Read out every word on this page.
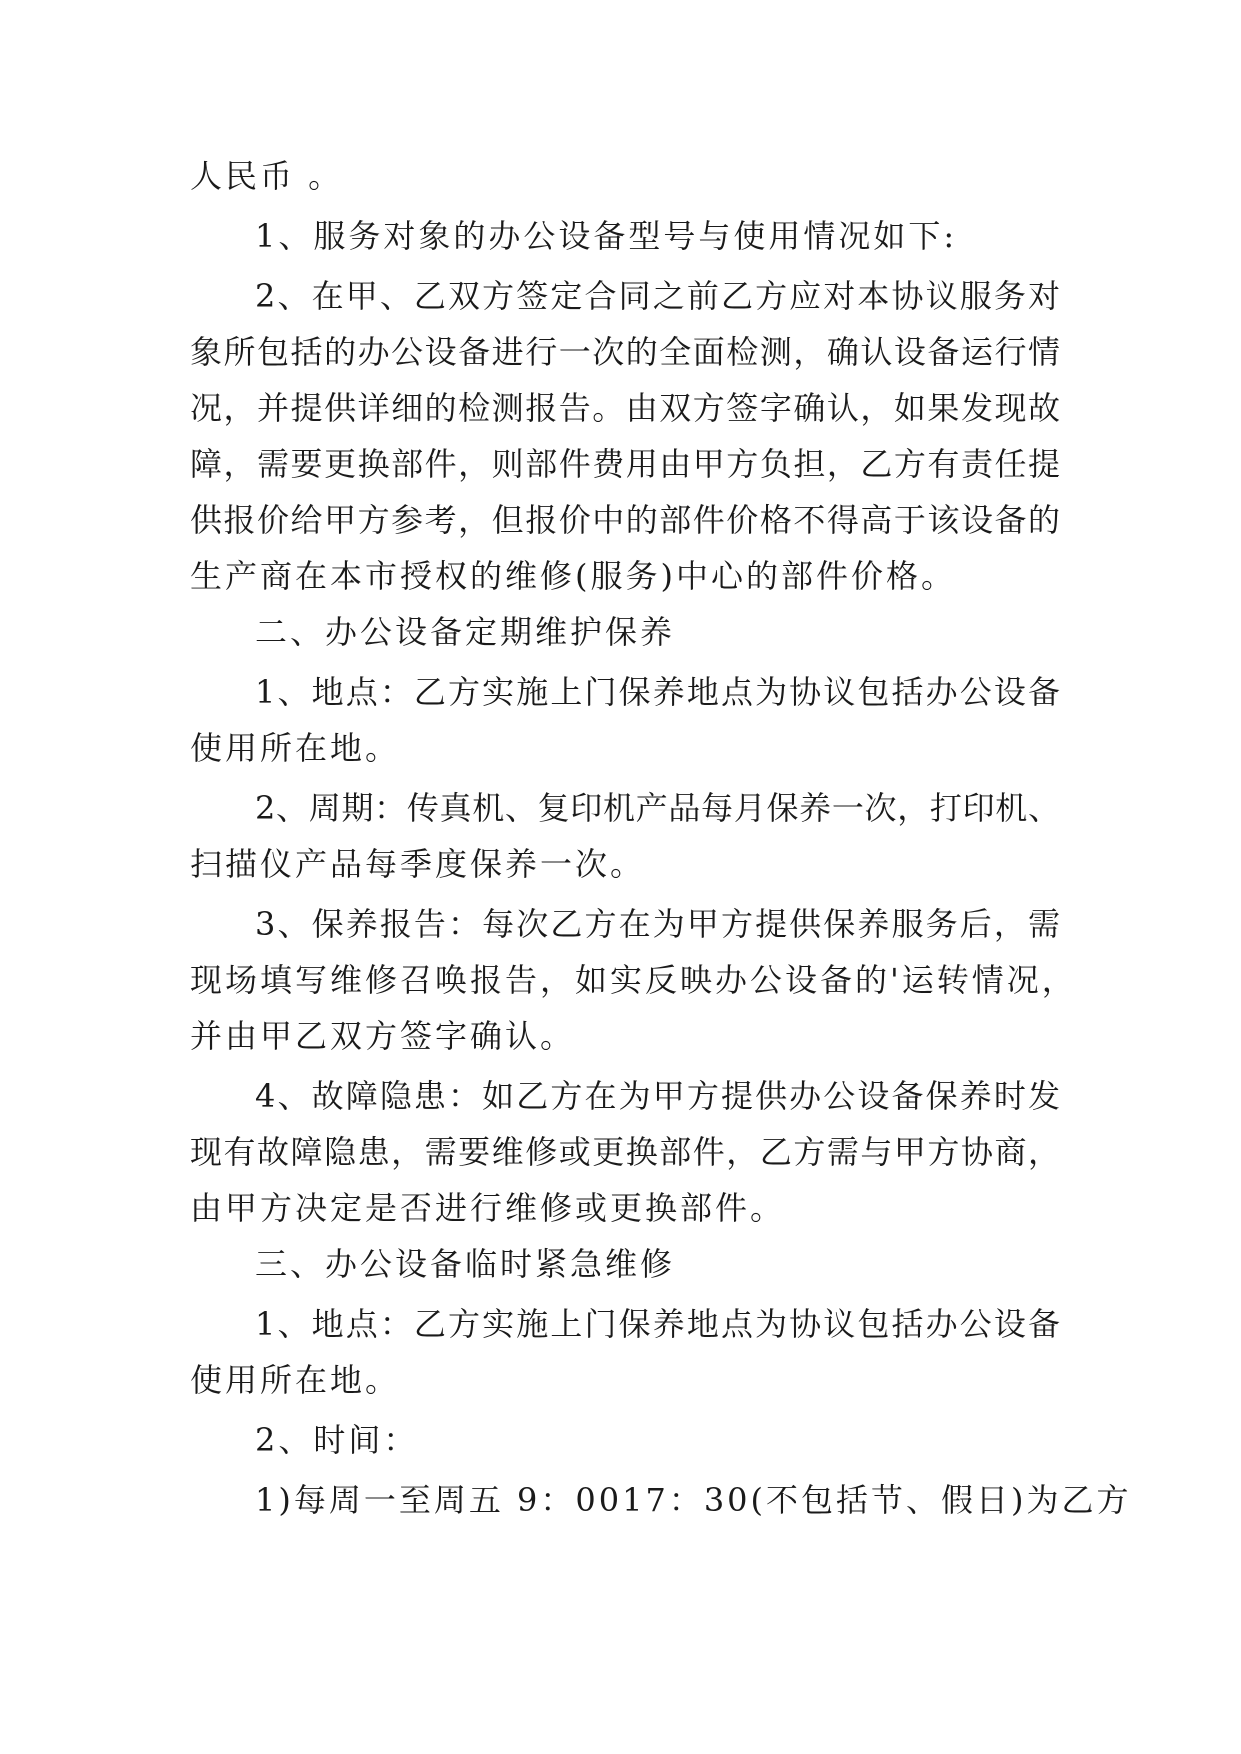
人民币 。
1、服务对象的办公设备型号与使用情况如下:
2、在甲、乙双方签定合同之前乙方应对本协议服务对
象所包括的办公设备进行一次的全面检测，确认设备运行情
况，并提供详细的检测报告。由双方签字确认，如果发现故
障，需要更换部件，则部件费用由甲方负担，乙方有责任提
供报价给甲方参考，但报价中的部件价格不得高于该设备的
生产商在本市授权的维修(服务)中心的部件价格。
二、办公设备定期维护保养
1、地点：乙方实施上门保养地点为协议包括办公设备
使用所在地。
2、周期：传真机、复印机产品每月保养一次，打印机、
扫描仪产品每季度保养一次。
3、保养报告：每次乙方在为甲方提供保养服务后，需
现场填写维修召唤报告，如实反映办公设备的'运转情况，
并由甲乙双方签字确认。
4、故障隐患：如乙方在为甲方提供办公设备保养时发
现有故障隐患，需要维修或更换部件，乙方需与甲方协商，
由甲方决定是否进行维修或更换部件。
三、办公设备临时紧急维修
1、地点：乙方实施上门保养地点为协议包括办公设备
使用所在地。
2、时间：
1)每周一至周五 9：0017：30(不包括节、假日)为乙方
